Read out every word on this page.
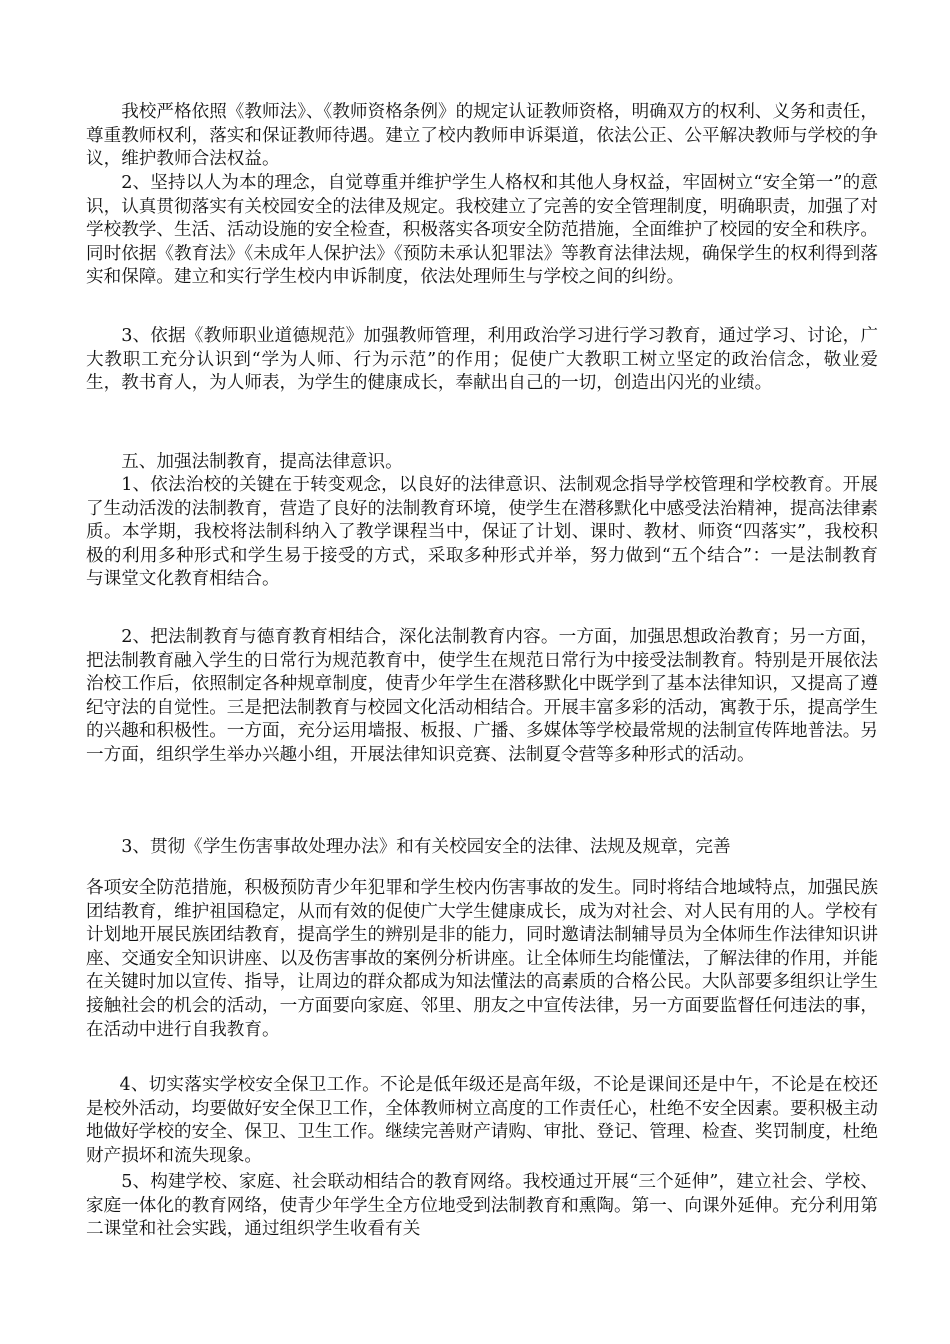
我校严格依照《教师法》、《教师资格条例》的规定认证教师资格，明确双方的权利、义务和责任，尊重教师权利，落实和保证教师待遇。建立了校内教师申诉渠道，依法公正、公平解决教师与学校的争议，维护教师合法权益。

2、坚持以人为本的理念，自觉尊重并维护学生人格权和其他人身权益，牢固树立“安全第一”的意识，认真贯彻落实有关校园安全的法律及规定。我校建立了完善的安全管理制度，明确职责，加强了对学校教学、生活、活动设施的安全检查，积极落实各项安全防范措施，全面维护了校园的安全和秩序。同时依据《教育法》《未成年人保护法》《预防未承认犯罪法》等教育法律法规，确保学生的权利得到落实和保障。建立和实行学生校内申诉制度，依法处理师生与学校之间的纠纷。

3、依据《教师职业道德规范》加强教师管理，利用政治学习进行学习教育，通过学习、讨论，广大教职工充分认识到“学为人师、行为示范”的作用；促使广大教职工树立坚定的政治信念，敬业爱生，教书育人，为人师表，为学生的健康成长，奉献出自己的一切，创造出闪光的业绩。

五、加强法制教育，提高法律意识。

1、依法治校的关键在于转变观念，以良好的法律意识、法制观念指导学校管理和学校教育。开展了生动活泼的法制教育，营造了良好的法制教育环境，使学生在潜移默化中感受法治精神，提高法律素质。本学期，我校将法制科纳入了教学课程当中，保证了计划、课时、教材、师资“四落实”，我校积极的利用多种形式和学生易于接受的方式，采取多种形式并举，努力做到“五个结合”：一是法制教育与课堂文化教育相结合。

2、把法制教育与德育教育相结合，深化法制教育内容。一方面，加强思想政治教育；另一方面，把法制教育融入学生的日常行为规范教育中，使学生在规范日常行为中接受法制教育。特别是开展依法治校工作后，依照制定各种规章制度，使青少年学生在潜移默化中既学到了基本法律知识，又提高了遵纪守法的自觉性。三是把法制教育与校园文化活动相结合。开展丰富多彩的活动，寓教于乐，提高学生的兴趣和积极性。一方面，充分运用墙报、板报、广播、多媒体等学校最常规的法制宣传阵地普法。另一方面，组织学生举办兴趣小组，开展法律知识竞赛、法制夏令营等多种形式的活动。

3、贯彻《学生伤害事故处理办法》和有关校园安全的法律、法规及规章，完善

各项安全防范措施，积极预防青少年犯罪和学生校内伤害事故的发生。同时将结合地域特点，加强民族团结教育，维护祖国稳定，从而有效的促使广大学生健康成长，成为对社会、对人民有用的人。学校有计划地开展民族团结教育，提高学生的辨别是非的能力，同时邀请法制辅导员为全体师生作法律知识讲座、交通安全知识讲座、以及伤害事故的案例分析讲座。让全体师生均能懂法，了解法律的作用，并能在关键时加以宣传、指导，让周边的群众都成为知法懂法的高素质的合格公民。大队部要多组织让学生接触社会的机会的活动，一方面要向家庭、邻里、朋友之中宣传法律，另一方面要监督任何违法的事，在活动中进行自我教育。

4、切实落实学校安全保卫工作。不论是低年级还是高年级，不论是课间还是中午，不论是在校还是校外活动，均要做好安全保卫工作，全体教师树立高度的工作责任心，杜绝不安全因素。要积极主动地做好学校的安全、保卫、卫生工作。继续完善财产请购、审批、登记、管理、检查、奖罚制度，杜绝财产损坏和流失现象。

5、构建学校、家庭、社会联动相结合的教育网络。我校通过开展“三个延伸”，建立社会、学校、家庭一体化的教育网络，使青少年学生全方位地受到法制教育和熏陶。第一、向课外延伸。充分利用第二课堂和社会实践，通过组织学生收看有关
